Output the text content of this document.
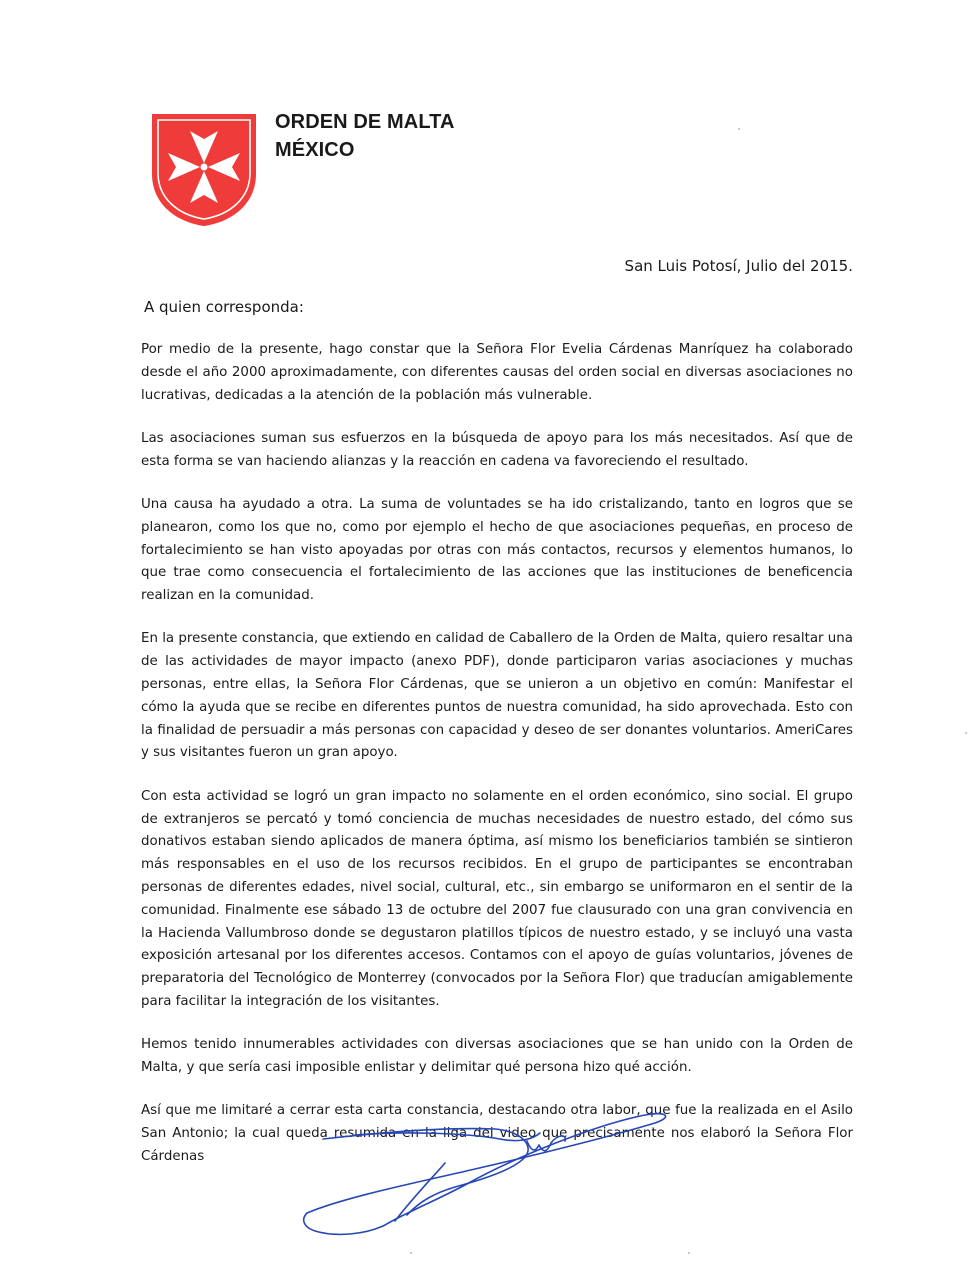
ORDEN DE MALTA
MÉXICO
San Luis Potosí, Julio del 2015.
A quien corresponda:

Por medio de la presente, hago constar que la Señora Flor Evelia Cárdenas Manríquez ha colaborado desde el año 2000 aproximadamente, con diferentes causas del orden social en diversas asociaciones no lucrativas, dedicadas a la atención de la población más vulnerable.

Las asociaciones suman sus esfuerzos en la búsqueda de apoyo para los más necesitados. Así que de esta forma se van haciendo alianzas y la reacción en cadena va favoreciendo el resultado.

Una causa ha ayudado a otra. La suma de voluntades se ha ido cristalizando, tanto en logros que se planearon, como los que no, como por ejemplo el hecho de que asociaciones pequeñas, en proceso de fortalecimiento se han visto apoyadas por otras con más contactos, recursos y elementos humanos, lo que trae como consecuencia el fortalecimiento de las acciones que las instituciones de beneficencia realizan en la comunidad.

En la presente constancia, que extiendo en calidad de Caballero de la Orden de Malta, quiero resaltar una de las actividades de mayor impacto (anexo PDF), donde participaron varias asociaciones y muchas personas, entre ellas, la Señora Flor Cárdenas, que se unieron a un objetivo en común: Manifestar el cómo la ayuda que se recibe en diferentes puntos de nuestra comunidad, ha sido aprovechada. Esto con la finalidad de persuadir a más personas con capacidad y deseo de ser donantes voluntarios. AmeriCares y sus visitantes fueron un gran apoyo.

Con esta actividad se logró un gran impacto no solamente en el orden económico, sino social. El grupo de extranjeros se percató y tomó conciencia de muchas necesidades de nuestro estado, del cómo sus donativos estaban siendo aplicados de manera óptima, así mismo los beneficiarios también se sintieron más responsables en el uso de los recursos recibidos. En el grupo de participantes se encontraban personas de diferentes edades, nivel social, cultural, etc., sin embargo se uniformaron en el sentir de la comunidad. Finalmente ese sábado 13 de octubre del 2007 fue clausurado con una gran convivencia en la Hacienda Vallumbroso donde se degustaron platillos típicos de nuestro estado, y se incluyó una vasta exposición artesanal por los diferentes accesos. Contamos con el apoyo de guías voluntarios, jóvenes de preparatoria del Tecnológico de Monterrey (convocados por la Señora Flor) que traducían amigablemente para facilitar la integración de los visitantes.

Hemos tenido innumerables actividades con diversas asociaciones que se han unido con la Orden de Malta, y que sería casi imposible enlistar y delimitar qué persona hizo qué acción.

Así que me limitaré a cerrar esta carta constancia, destacando otra labor, que fue la realizada en el Asilo San Antonio; la cual queda resumida en la liga del video que precisamente nos elaboró la Señora Flor Cárdenas
